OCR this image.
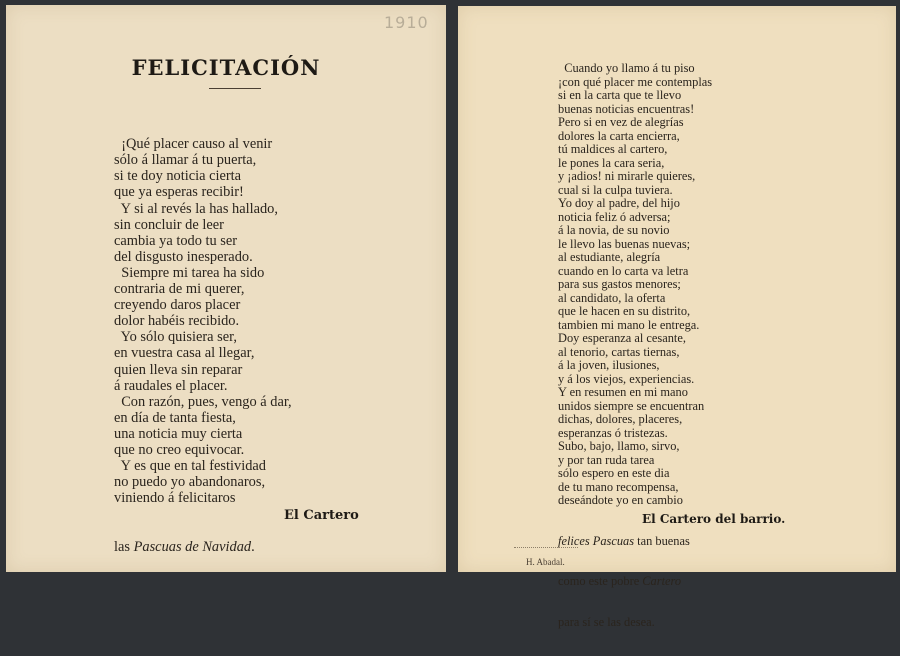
1910
FELICITACIÓN

¡Qué placer causo al venir
sólo á llamar á tu puerta,
si te doy noticia cierta
que ya esperas recibir!
Y si al revés la has hallado,
sin concluir de leer
cambia ya todo tu ser
del disgusto inesperado.
Siempre mi tarea ha sido
contraria de mi querer,
creyendo daros placer
dolor habéis recibido.
Yo sólo quisiera ser,
en vuestra casa al llegar,
quien lleva sin reparar
á raudales el placer.
Con razón, pues, vengo á dar,
en día de tanta fiesta,
una noticia muy cierta
que no creo equivocar.
Y es que en tal festividad
no puedo yo abandonaros,
viniendo á felicitaros

las Pascuas de Navidad.

El Cartero

Cuando yo llamo á tu piso
¡con qué placer me contemplas
si en la carta que te llevo
buenas noticias encuentras!
Pero si en vez de alegrías
dolores la carta encierra,
tú maldices al cartero,
le pones la cara seria,
y ¡adios! ni mirarle quieres,
cual si la culpa tuviera.
Yo doy al padre, del hijo
noticia feliz ó adversa;
á la novia, de su novio
le llevo las buenas nuevas;
al estudiante, alegría
cuando en lo carta va letra
para sus gastos menores;
al candidato, la oferta
que le hacen en su distrito,
tambien mi mano le entrega.
Doy esperanza al cesante,
al tenorio, cartas tiernas,
á la joven, ilusiones,
y á los viejos, experiencias.
Y en resumen en mi mano
unidos siempre se encuentran
dichas, dolores, placeres,
esperanzas ó tristezas.
Subo, bajo, llamo, sirvo,
y por tan ruda tarea
sólo espero en este dia
de tu mano recompensa,
deseándote yo en cambio

felices Pascuas tan buenas

como este pobre Cartero

para sí se las desea.

El Cartero del barrio.
H. Abadal.
